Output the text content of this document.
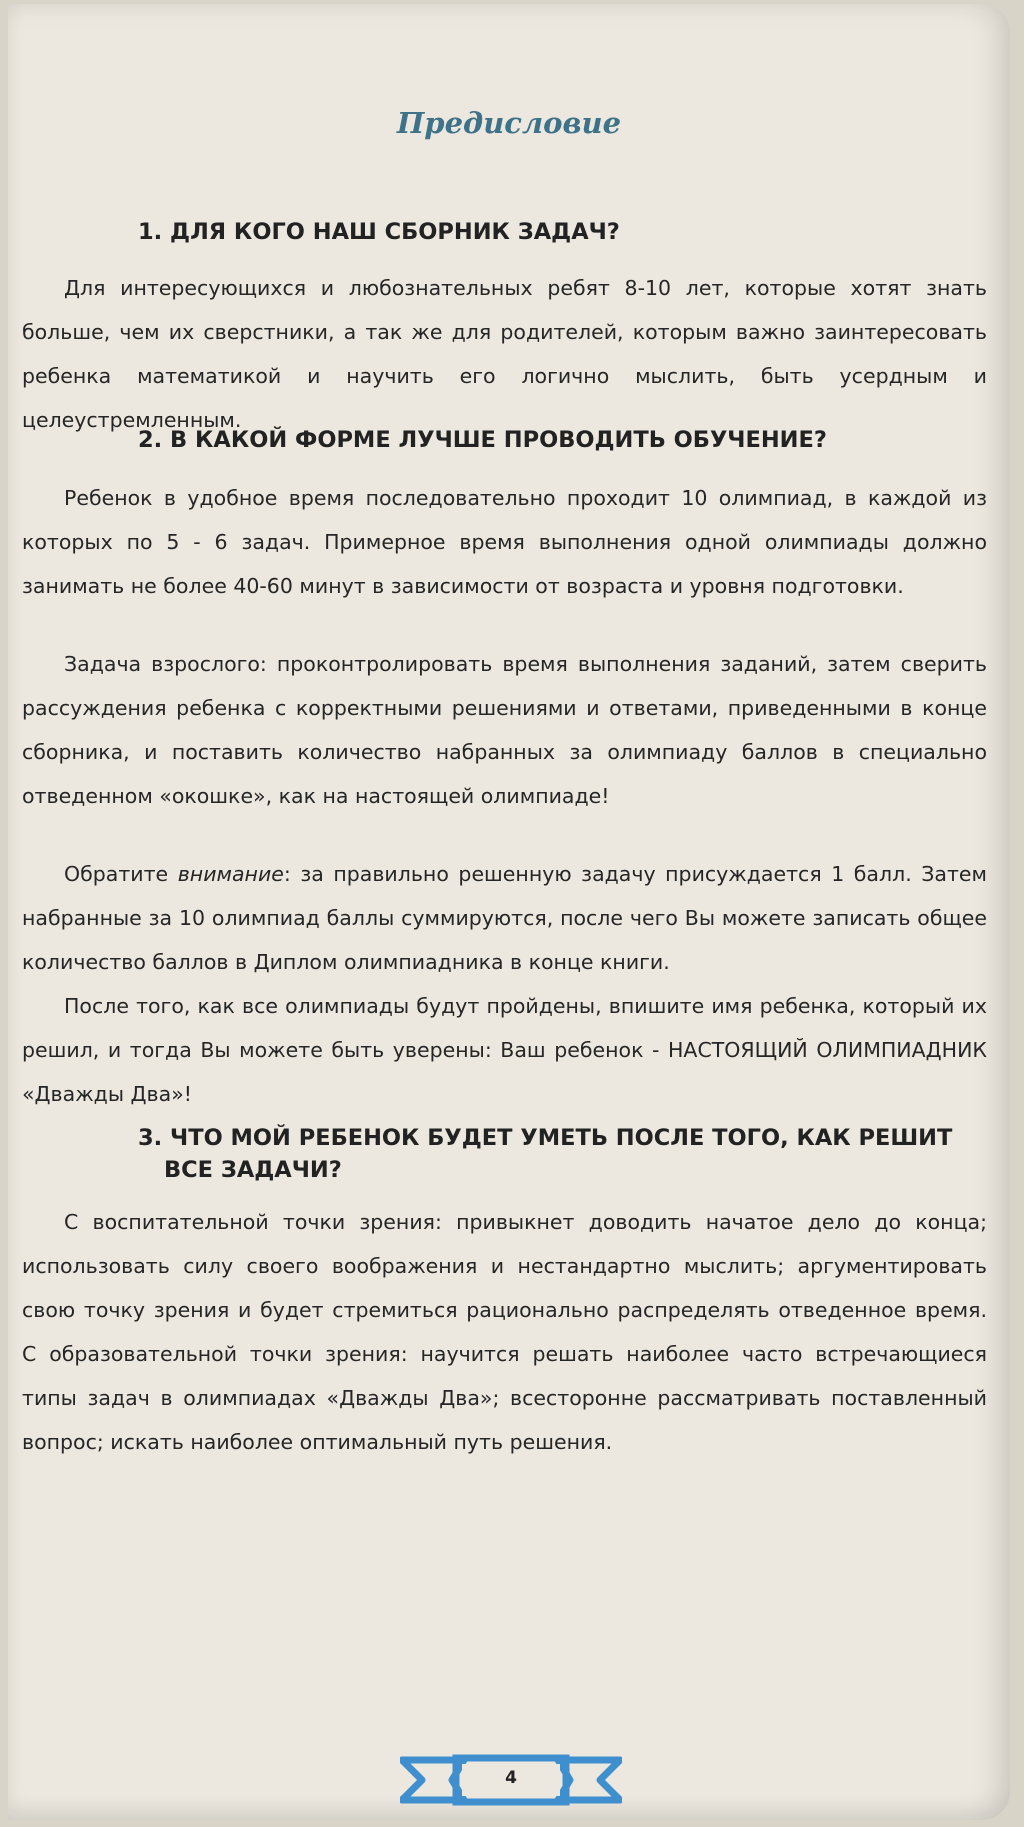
Предисловие
1. ДЛЯ КОГО НАШ СБОРНИК ЗАДАЧ?
Для интересующихся и любознательных ребят 8-10 лет, которые хотят знать больше, чем их сверстники, а так же для родителей, которым важно заинтересовать ребенка математикой и научить его логично мыслить, быть усердным и целеустремленным.
2. В КАКОЙ ФОРМЕ ЛУЧШЕ ПРОВОДИТЬ ОБУЧЕНИЕ?
Ребенок в удобное время последовательно проходит 10 олимпиад, в каждой из которых по 5 - 6 задач. Примерное время выполнения одной олимпиады должно занимать не более 40-60 минут в зависимости от возраста и уровня подготовки.
Задача взрослого: проконтролировать время выполнения заданий, затем сверить рассуждения ребенка с корректными решениями и ответами, приведенными в конце сборника, и поставить количество набранных за олимпиаду баллов в специально отведенном «окошке», как на настоящей олимпиаде!
Обратите внимание: за правильно решенную задачу присуждается 1 балл. Затем набранные за 10 олимпиад баллы суммируются, после чего Вы можете записать общее количество баллов в Диплом олимпиадника в конце книги.
После того, как все олимпиады будут пройдены, впишите имя ребенка, который их решил, и тогда Вы можете быть уверены: Ваш ребенок - НАСТОЯЩИЙ ОЛИМПИАДНИК «Дважды Два»!
3. ЧТО МОЙ РЕБЕНОК БУДЕТ УМЕТЬ ПОСЛЕ ТОГО, КАК РЕШИТ
ВСЕ ЗАДАЧИ?
С воспитательной точки зрения: привыкнет доводить начатое дело до конца; использовать силу своего воображения и нестандартно мыслить; аргументировать свою точку зрения и будет стремиться рационально распределять отведенное время. С образовательной точки зрения: научится решать наиболее часто встречающиеся типы задач в олимпиадах «Дважды Два»; всесторонне рассматривать поставленный вопрос; искать наиболее оптимальный путь решения.
4
